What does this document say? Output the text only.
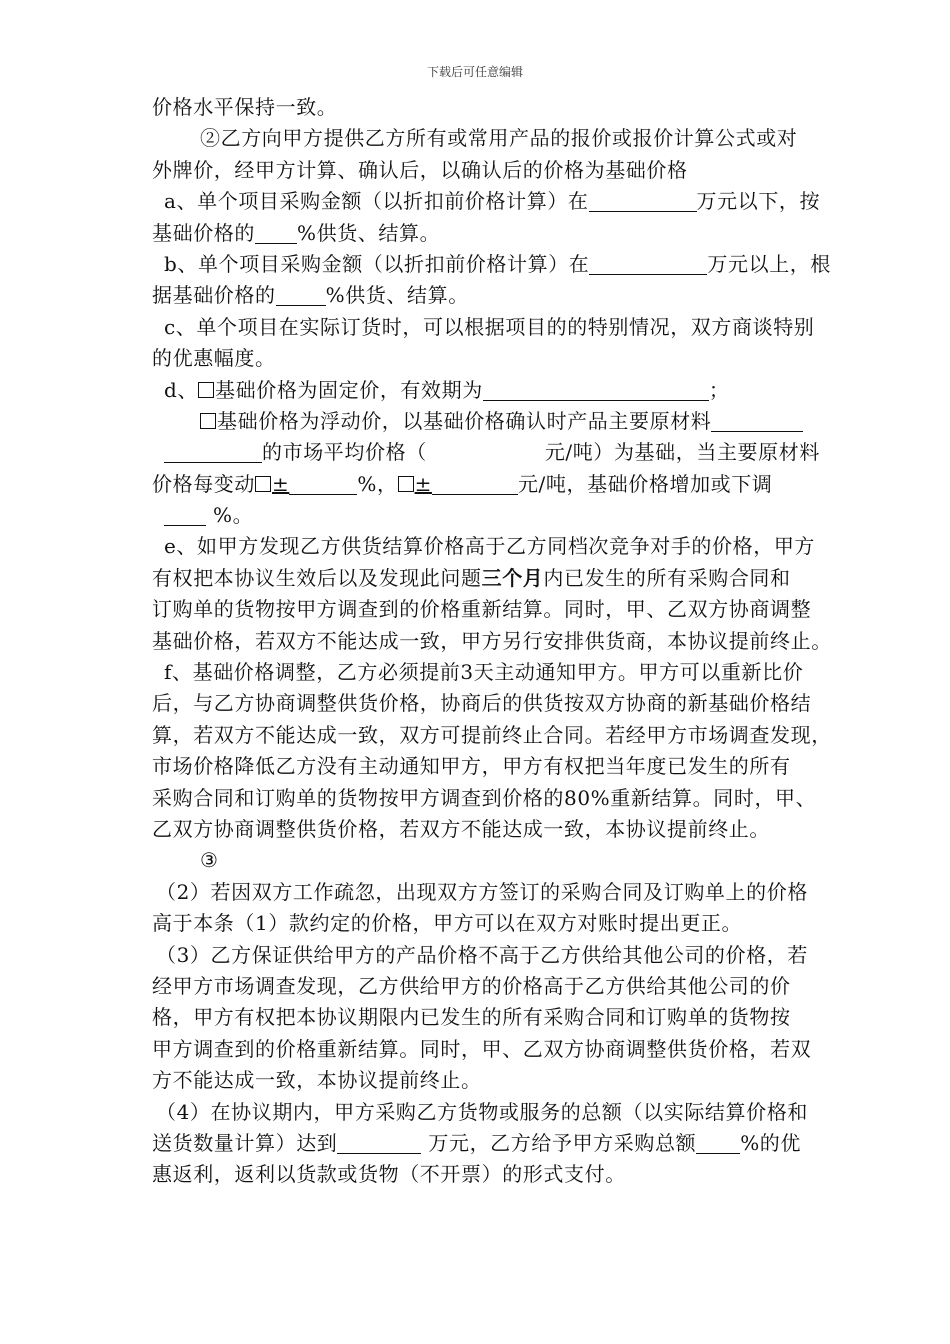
下载后可任意编辑
价格水平保持一致。
②乙方向甲方提供乙方所有或常用产品的报价或报价计算公式或对
外牌价，经甲方计算、确认后，以确认后的价格为基础价格
a、单个项目采购金额（以折扣前价格计算）在	万元以下，按
基础价格的 %供货、结算。
b、单个项目采购金额（以折扣前价格计算）在	万元以上，根
据基础价格的	%供货、结算。
c、单个项目在实际订货时，可以根据项目的的特别情况，双方商谈特别
的优惠幅度。
d、 基础价格为固定价，有效期为	；
基础价格为浮动价，以基础价格确认时产品主要原材料
的市场平均价格（	元/吨）为基础，当主要原材料
价格每变动 ±	%， ±	元/吨，基础价格增加或下调
%。
e、如甲方发现乙方供货结算价格高于乙方同档次竞争对手的价格，甲方
有权把本协议生效后以及发现此问题三个月内已发生的所有采购合同和
订购单的货物按甲方调查到的价格重新结算。同时，甲、乙双方协商调整
基础价格，若双方不能达成一致，甲方另行安排供货商，本协议提前终止。
f、基础价格调整，乙方必须提前3天主动通知甲方。甲方可以重新比价
后，与乙方协商调整供货价格，协商后的供货按双方协商的新基础价格结
算，若双方不能达成一致，双方可提前终止合同。若经甲方市场调查发现，
市场价格降低乙方没有主动通知甲方，甲方有权把当年度已发生的所有
采购合同和订购单的货物按甲方调查到价格的80%重新结算。同时，甲、
乙双方协商调整供货价格，若双方不能达成一致，本协议提前终止。
③
（2）若因双方工作疏忽，出现双方方签订的采购合同及订购单上的价格
高于本条（1）款约定的价格，甲方可以在双方对账时提出更正。
（3）乙方保证供给甲方的产品价格不高于乙方供给其他公司的价格，若
经甲方市场调查发现，乙方供给甲方的价格高于乙方供给其他公司的价
格，甲方有权把本协议期限内已发生的所有采购合同和订购单的货物按
甲方调查到的价格重新结算。同时，甲、乙双方协商调整供货价格，若双
方不能达成一致，本协议提前终止。
（4）在协议期内，甲方采购乙方货物或服务的总额（以实际结算价格和
送货数量计算）达到	万元，乙方给予甲方采购总额 %的优
惠返利，返利以货款或货物（不开票）的形式支付。
